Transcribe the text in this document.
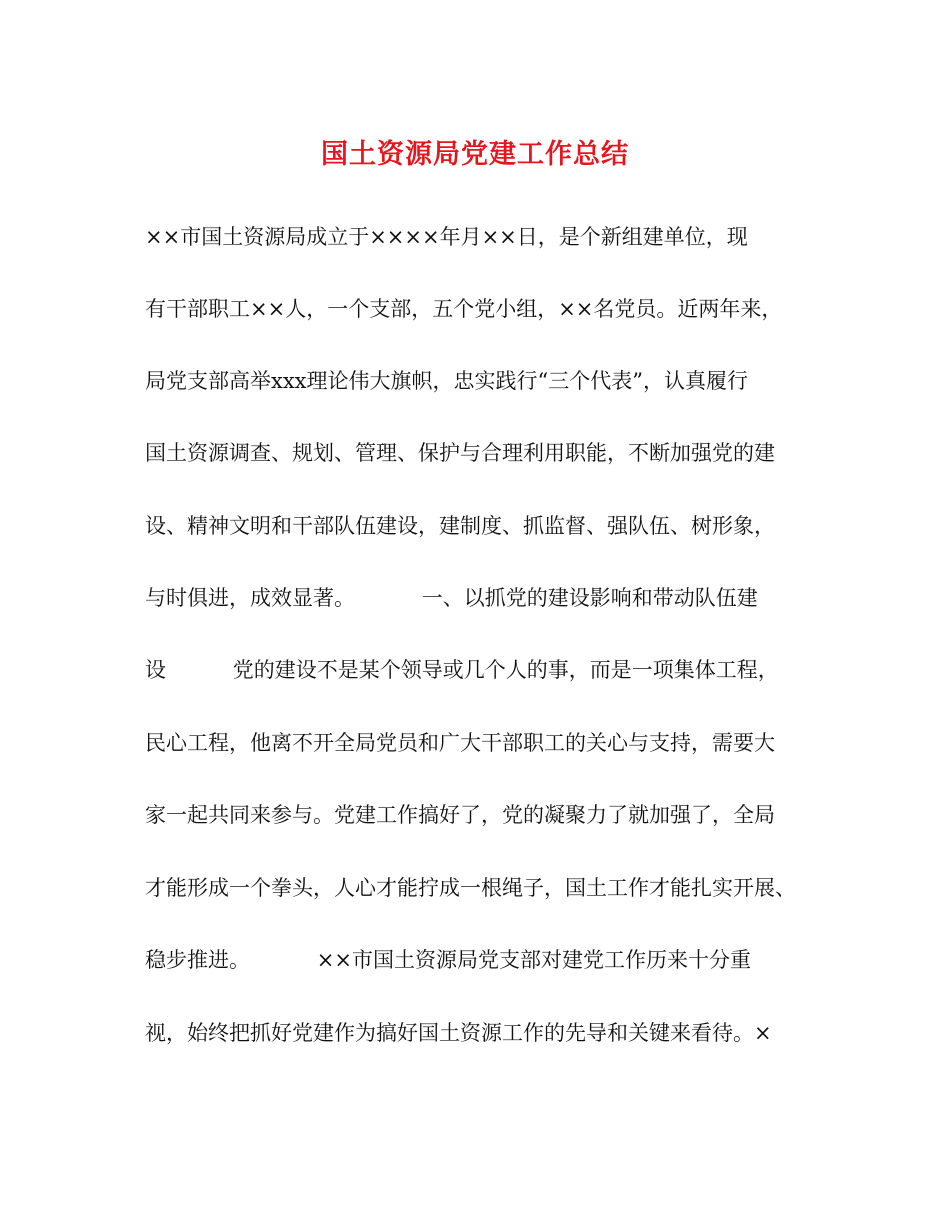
国土资源局党建工作总结

××市国土资源局成立于××××年月××日，是个新组建单位，现

有干部职工××人，一个支部，五个党小组，××名党员。近两年来，

局党支部高举xxx理论伟大旗帜，忠实践行“三个代表”，认真履行

国土资源调查、规划、管理、保护与合理利用职能，不断加强党的建

设、精神文明和干部队伍建设，建制度、抓监督、强队伍、树形象，

与时俱进，成效显著。          一、以抓党的建设影响和带动队伍建

设          党的建设不是某个领导或几个人的事，而是一项集体工程，

民心工程，他离不开全局党员和广大干部职工的关心与支持，需要大

家一起共同来参与。党建工作搞好了，党的凝聚力了就加强了，全局

才能形成一个拳头，人心才能拧成一根绳子，国土工作才能扎实开展、

稳步推进。          ××市国土资源局党支部对建党工作历来十分重

视，始终把抓好党建作为搞好国土资源工作的先导和关键来看待。×
